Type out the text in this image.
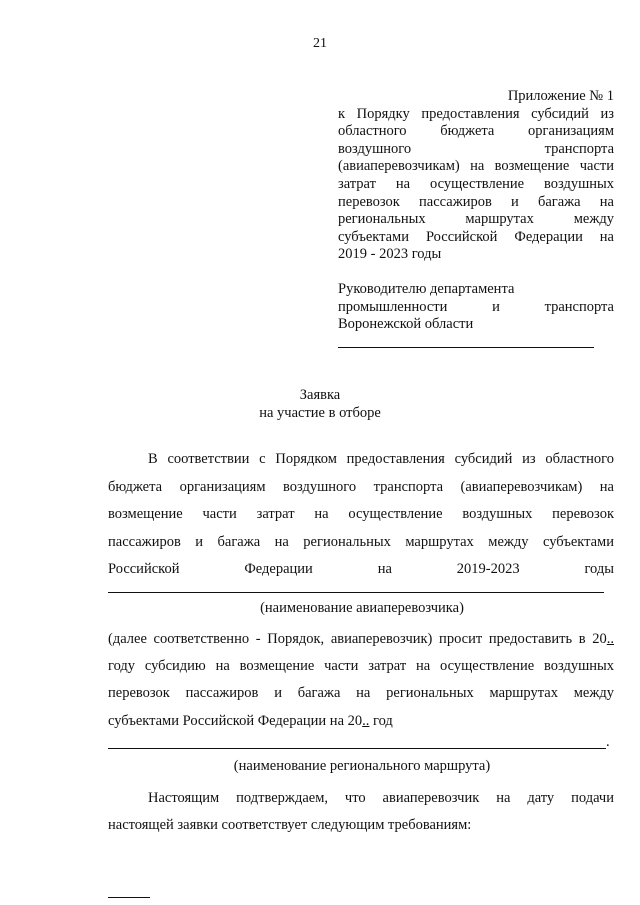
21
Приложение № 1
к Порядку предоставления субсидий из
областного бюджета организациям
воздушного транспорта
(авиаперевозчикам) на возмещение части
затрат на осуществление воздушных
перевозок пассажиров и багажа на
региональных маршрутах между
субъектами Российской Федерации на
2019 - 2023 годы
Руководителю департамента
промышленности и транспорта
Воронежской области
Заявка
на участие в отборе
В соответствии с Порядком предоставления субсидий из областного
бюджета организациям воздушного транспорта (авиаперевозчикам) на
возмещение части затрат на осуществление воздушных перевозок
пассажиров и багажа на региональных маршрутах между субъектами
Российской Федерации на 2019-2023 годы
(наименование авиаперевозчика)
(далее соответственно - Порядок, авиаперевозчик) просит предоставить в 20..
году субсидию на возмещение части затрат на осуществление воздушных
перевозок пассажиров и багажа на региональных маршрутах между
субъектами Российской Федерации на 20.. год
.
(наименование регионального маршрута)
Настоящим подтверждаем, что авиаперевозчик на дату подачи
настоящей заявки соответствует следующим требованиям:
